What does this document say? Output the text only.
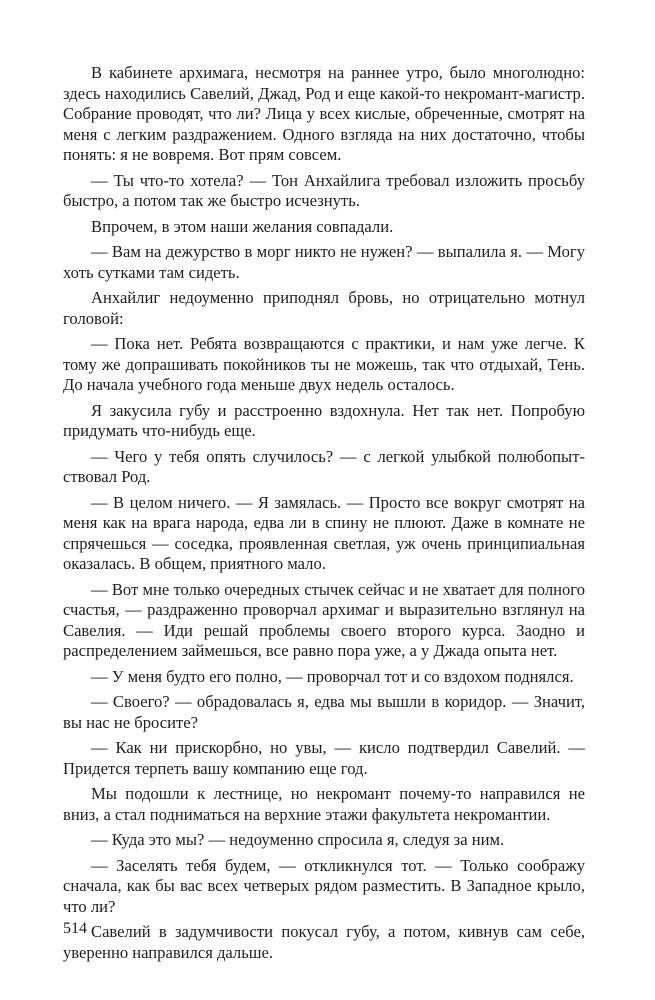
В кабинете архимага, несмотря на раннее утро, было многолюдно: здесь находились Савелий, Джад, Род и еще какой-то некромант-магистр. Собрание проводят, что ли? Лица у всех кислые, обреченные, смотрят на меня с легким раздражением. Одного взгляда на них достаточно, чтобы понять: я не вовремя. Вот прям совсем.

— Ты что-то хотела? — Тон Анхайлига требовал изложить просьбу быстро, а потом так же быстро исчезнуть.

Впрочем, в этом наши желания совпадали.

— Вам на дежурство в морг никто не нужен? — выпалила я. — Могу хоть сутками там сидеть.

Анхайлиг недоуменно приподнял бровь, но отрицательно мотнул головой:

— Пока нет. Ребята возвращаются с практики, и нам уже легче. К тому же допрашивать покойников ты не можешь, так что отдыхай, Тень. До начала учебного года меньше двух недель осталось.

Я закусила губу и расстроенно вздохнула. Нет так нет. Попробую придумать что-нибудь еще.

— Чего у тебя опять случилось? — с легкой улыбкой полюбопытствовал Род.

— В целом ничего. — Я замялась. — Просто все вокруг смотрят на меня как на врага народа, едва ли в спину не плюют. Даже в комнате не спрячешься — соседка, проявленная светлая, уж очень принципиальная оказалась. В общем, приятного мало.

— Вот мне только очередных стычек сейчас и не хватает для полного счастья, — раздраженно проворчал архимаг и выразительно взглянул на Савелия. — Иди решай проблемы своего второго курса. Заодно и распределением займешься, все равно пора уже, а у Джада опыта нет.

— У меня будто его полно, — проворчал тот и со вздохом поднялся.

— Своего? — обрадовалась я, едва мы вышли в коридор. — Значит, вы нас не бросите?

— Как ни прискорбно, но увы, — кисло подтвердил Савелий. — Придется терпеть вашу компанию еще год.

Мы подошли к лестнице, но некромант почему-то направился не вниз, а стал подниматься на верхние этажи факультета некромантии.

— Куда это мы? — недоуменно спросила я, следуя за ним.

— Заселять тебя будем, — откликнулся тот. — Только соображу сначала, как бы вас всех четверых рядом разместить. В Западное крыло, что ли?

Савелий в задумчивости покусал губу, а потом, кивнув сам себе, уверенно направился дальше.

514
